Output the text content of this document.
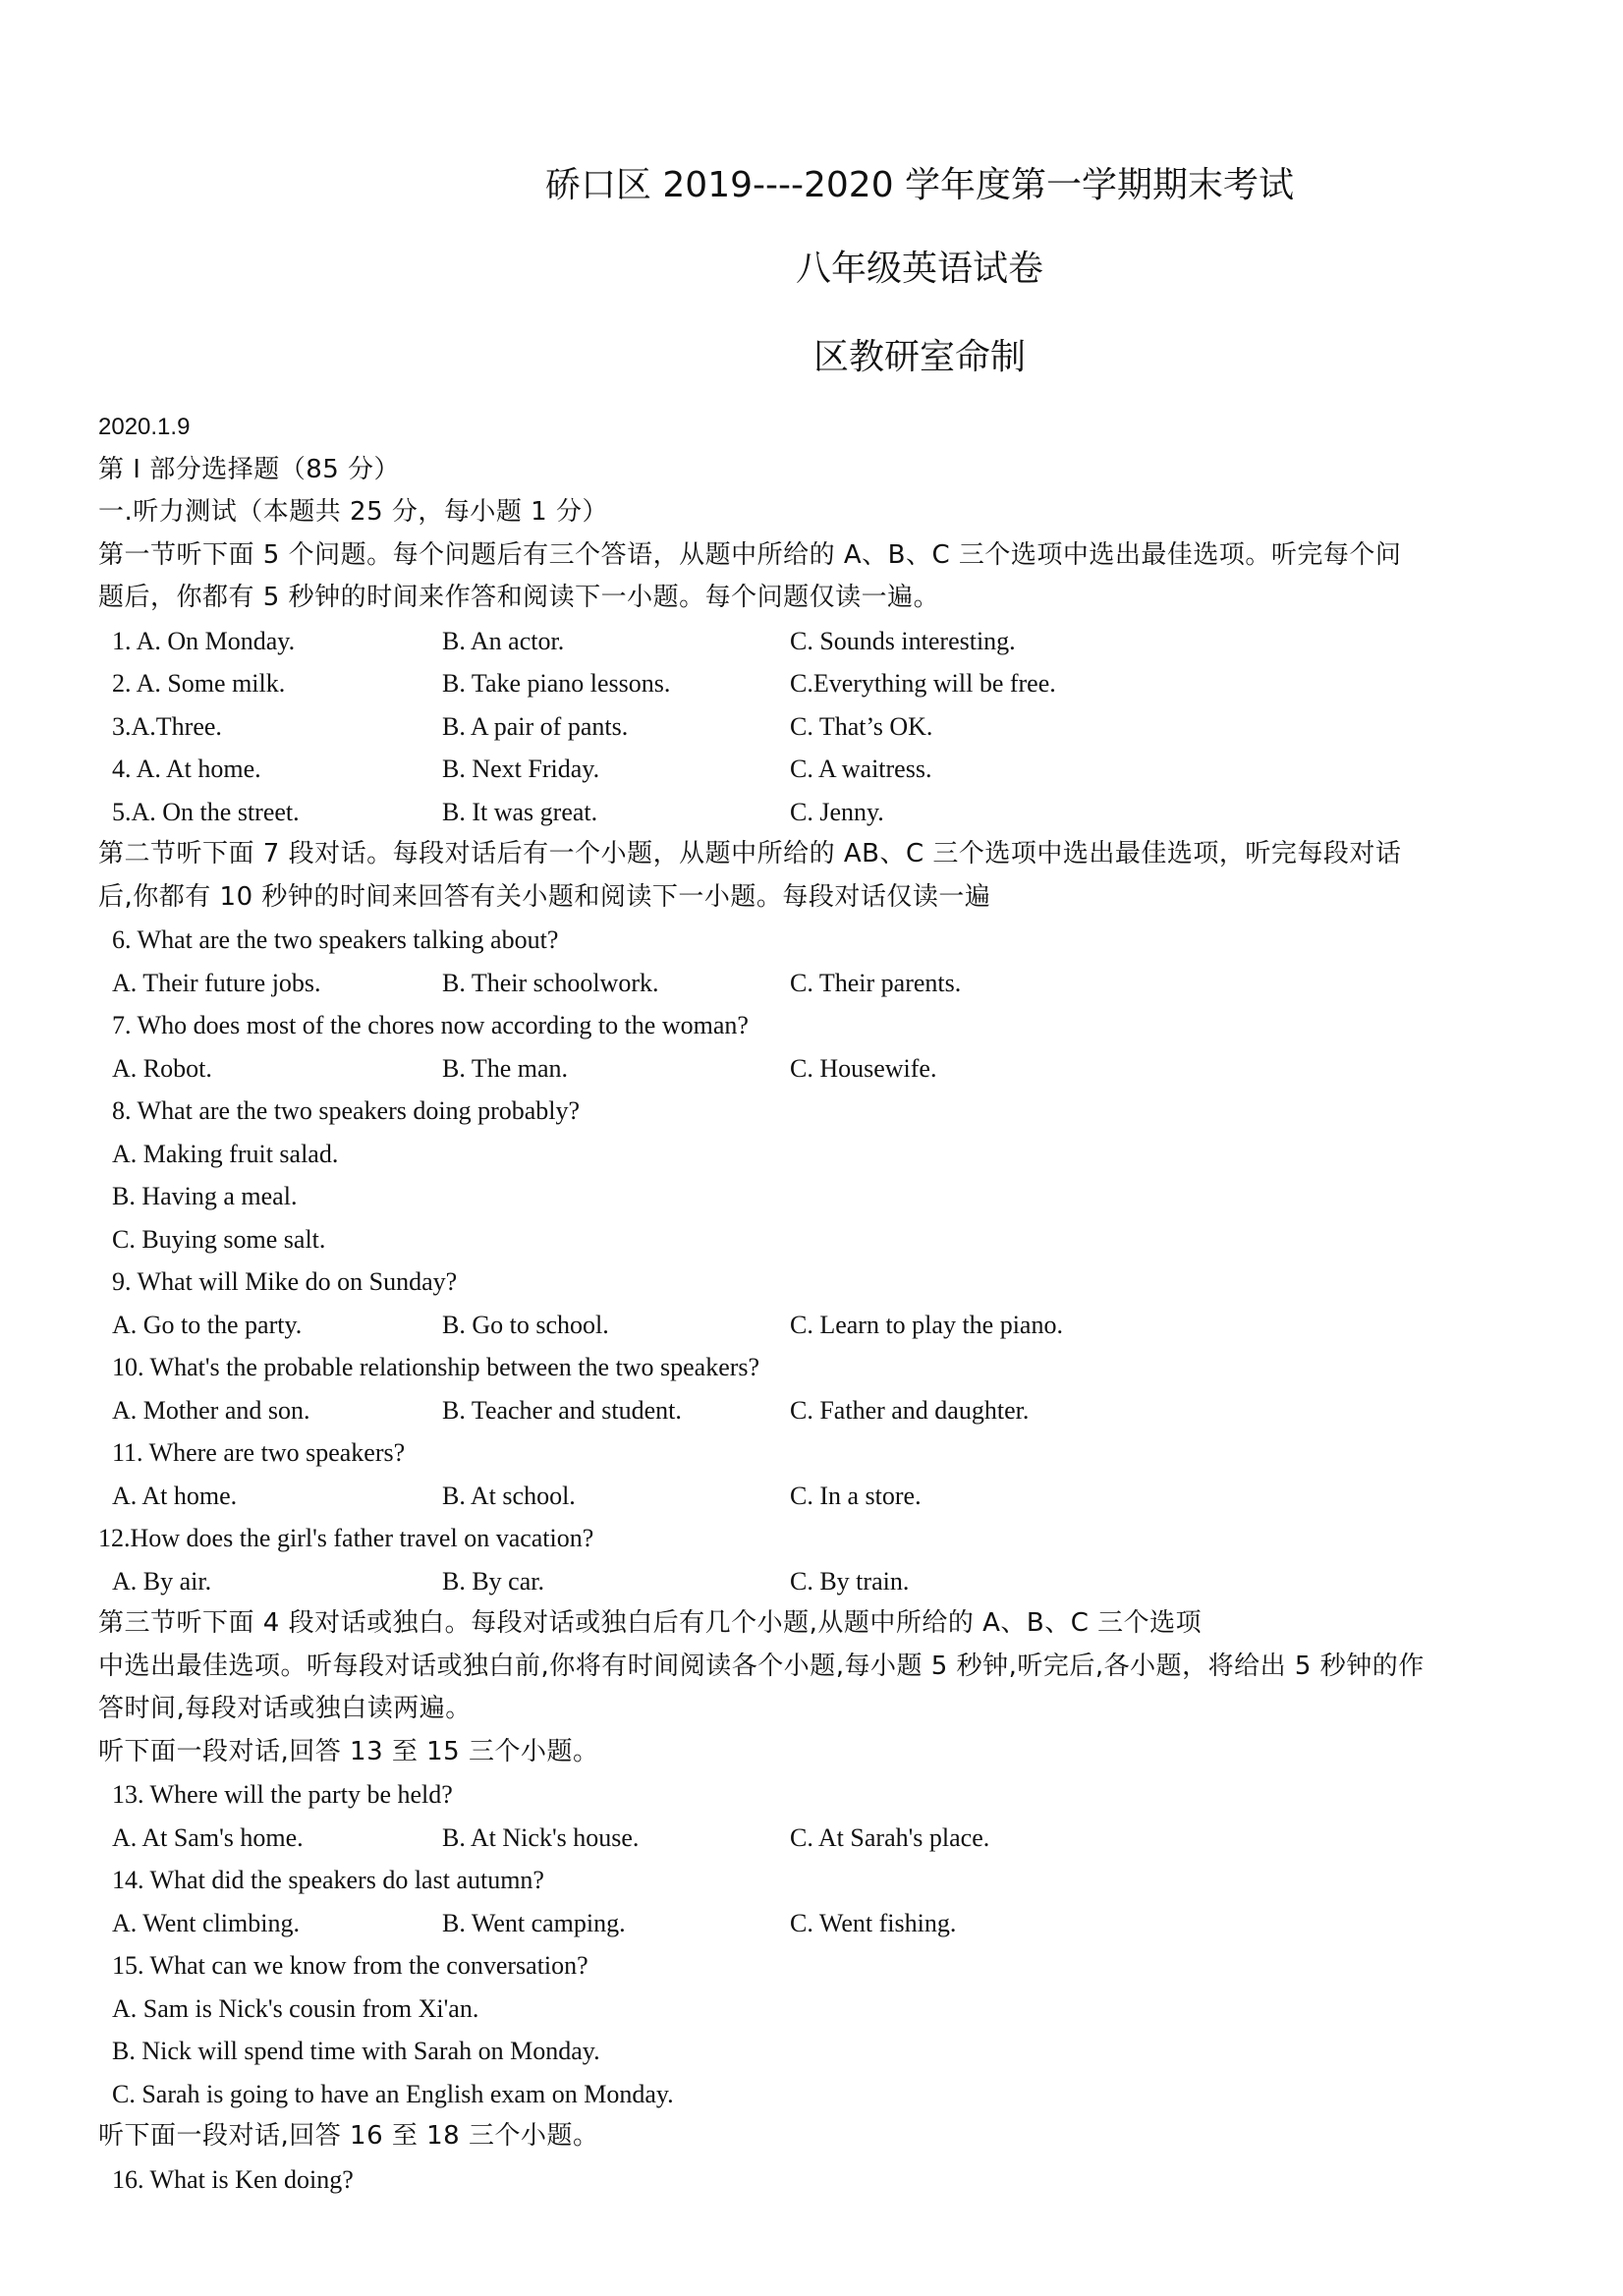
硚口区 2019----2020 学年度第一学期期末考试
八年级英语试卷
区教研室命制
2020.1.9
第 I 部分选择题（85 分）
一.听力测试（本题共 25 分，每小题 1 分）
第一节听下面 5 个问题。每个问题后有三个答语，从题中所给的 A、B、C 三个选项中选出最佳选项。听完每个问
题后，你都有 5 秒钟的时间来作答和阅读下一小题。每个问题仅读一遍。
1. A. On Monday.	B. An actor.	C. Sounds interesting.
2. A. Some milk.	B. Take piano lessons.	C.Everything will be free.
3.A.Three.	B. A pair of pants.	C. That’s OK.
4. A. At home.	B. Next Friday.	C. A waitress.
5.A. On the street.	B. It was great.	C. Jenny.
第二节听下面 7 段对话。每段对话后有一个小题，从题中所给的 AB、C 三个选项中选出最佳选项，听完每段对话
后,你都有 10 秒钟的时间来回答有关小题和阅读下一小题。每段对话仅读一遍
6. What are the two speakers talking about?
A. Their future jobs.	B. Their schoolwork.	C. Their parents.
7. Who does most of the chores now according to the woman?
A. Robot.	B. The man.	C. Housewife.
8. What are the two speakers doing probably?
A. Making fruit salad.
B. Having a meal.
C. Buying some salt.
9. What will Mike do on Sunday?
A. Go to the party.	B. Go to school.	C. Learn to play the piano.
10. What's the probable relationship between the two speakers?
A. Mother and son.	B. Teacher and student.	C. Father and daughter.
11. Where are two speakers?
A. At home.	B. At school.	C. In a store.
12.How does the girl's father travel on vacation?
A. By air.	B. By car.	C. By train.
第三节听下面 4 段对话或独白。每段对话或独白后有几个小题,从题中所给的 A、B、C 三个选项
中选出最佳选项。听每段对话或独白前,你将有时间阅读各个小题,每小题 5 秒钟,听完后,各小题，将给出 5 秒钟的作
答时间,每段对话或独白读两遍。
听下面一段对话,回答 13 至 15 三个小题。
13. Where will the party be held?
A. At Sam's home.	B. At Nick's house.	C. At Sarah's place.
14. What did the speakers do last autumn?
A. Went climbing.	B. Went camping.	C. Went fishing.
15. What can we know from the conversation?
A. Sam is Nick's cousin from Xi'an.
B. Nick will spend time with Sarah on Monday.
C. Sarah is going to have an English exam on Monday.
听下面一段对话,回答 16 至 18 三个小题。
16. What is Ken doing?
